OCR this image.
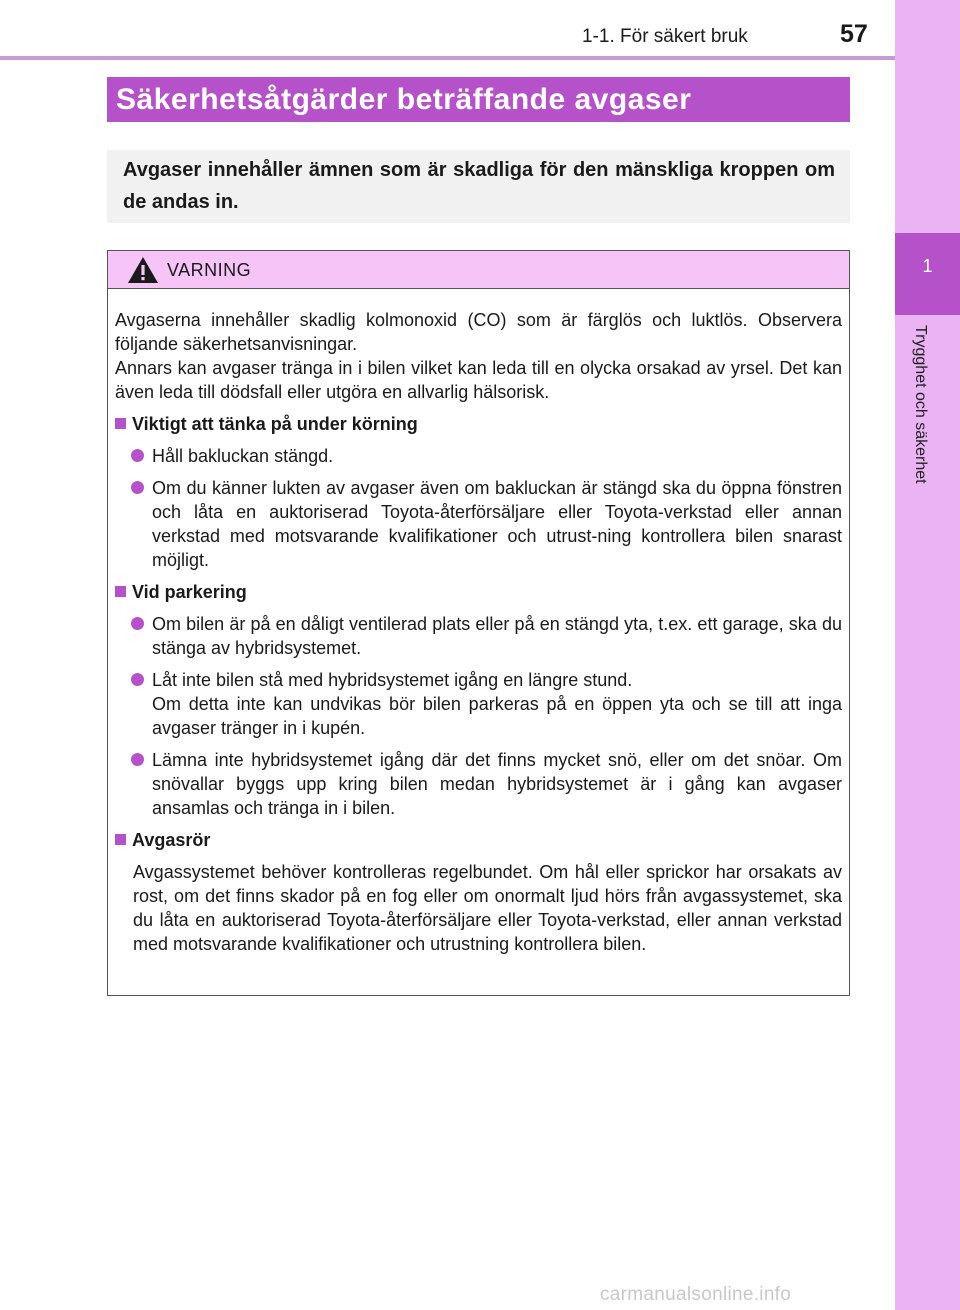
1-1. För säkert bruk	57
1
Trygghet och säkerhet
Säkerhetsåtgärder beträffande avgaser
Avgaser innehåller ämnen som är skadliga för den mänskliga kroppen om de andas in.
VARNING

Avgaserna innehåller skadlig kolmonoxid (CO) som är färglös och luktlös. Observera följande säkerhetsanvisningar.

Annars kan avgaser tränga in i bilen vilket kan leda till en olycka orsakad av yrsel. Det kan även leda till dödsfall eller utgöra en allvarlig hälsorisk.

Viktigt att tänka på under körning
Håll bakluckan stängd.
Om du känner lukten av avgaser även om bakluckan är stängd ska du öppna fönstren och låta en auktoriserad Toyota-återförsäljare eller Toyota-verkstad eller annan verkstad med motsvarande kvalifikationer och utrust-ning kontrollera bilen snarast möjligt.
Vid parkering
Om bilen är på en dåligt ventilerad plats eller på en stängd yta, t.ex. ett garage, ska du stänga av hybridsystemet.
Låt inte bilen stå med hybridsystemet igång en längre stund.
Om detta inte kan undvikas bör bilen parkeras på en öppen yta och se till att inga avgaser tränger in i kupén.
Lämna inte hybridsystemet igång där det finns mycket snö, eller om det snöar. Om snövallar byggs upp kring bilen medan hybridsystemet är i gång kan avgaser ansamlas och tränga in i bilen.
Avgasrör

Avgassystemet behöver kontrolleras regelbundet. Om hål eller sprickor har orsakats av rost, om det finns skador på en fog eller om onormalt ljud hörs från avgassystemet, ska du låta en auktoriserad Toyota-återförsäljare eller Toyota-verkstad, eller annan verkstad med motsvarande kvalifikationer och utrustning kontrollera bilen.

carmanualsonline.info
